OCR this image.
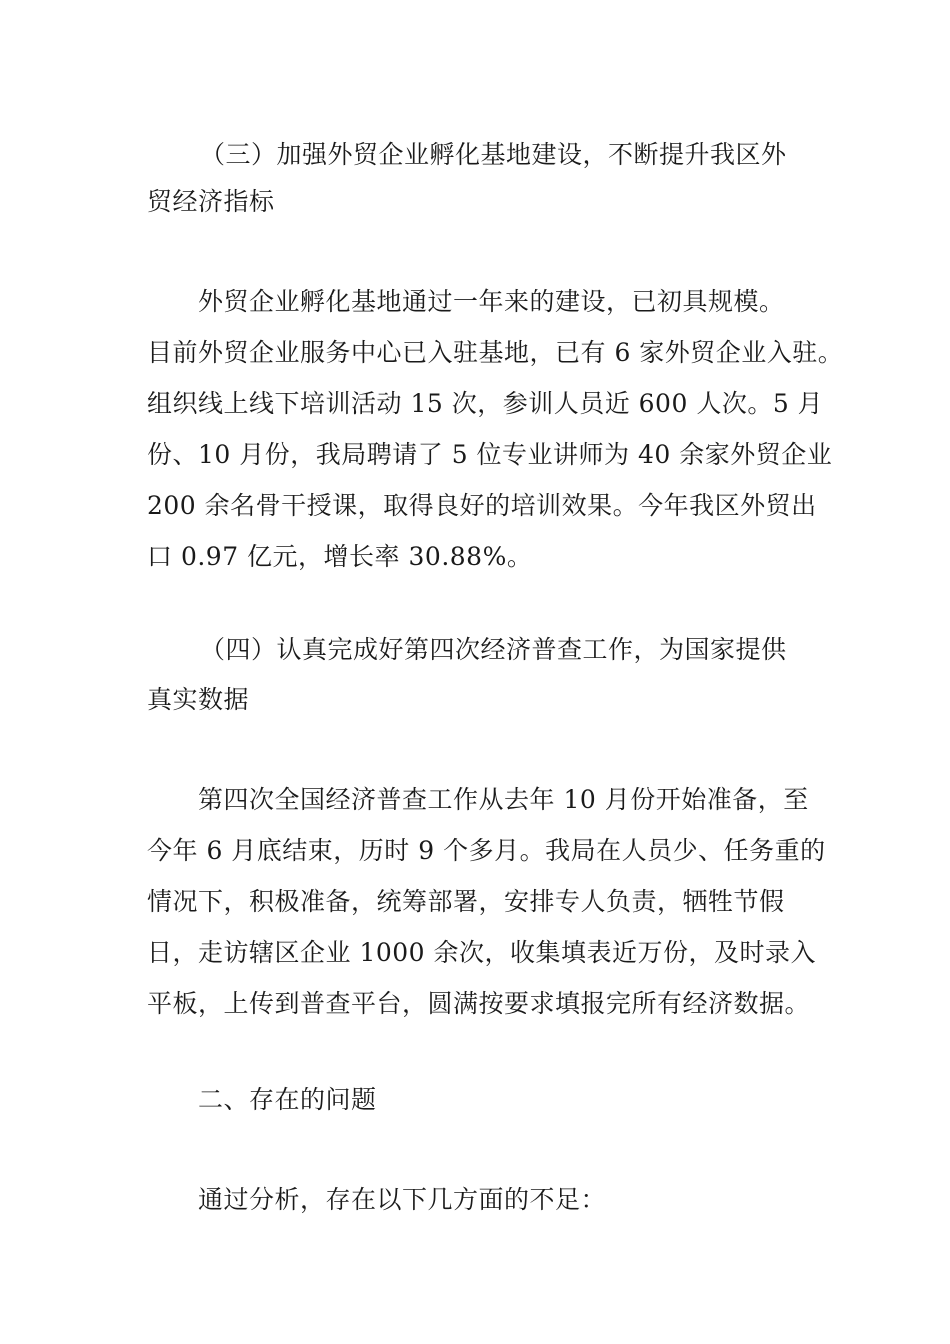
（三）加强外贸企业孵化基地建设，不断提升我区外
贸经济指标
外贸企业孵化基地通过一年来的建设，已初具规模。
目前外贸企业服务中心已入驻基地，已有 6 家外贸企业入驻。
组织线上线下培训活动 15 次，参训人员近 600 人次。5 月
份、10 月份，我局聘请了 5 位专业讲师为 40 余家外贸企业
200 余名骨干授课，取得良好的培训效果。今年我区外贸出
口 0.97 亿元，增长率 30.88%。
（四）认真完成好第四次经济普查工作，为国家提供
真实数据
第四次全国经济普查工作从去年 10 月份开始准备，至
今年 6 月底结束，历时 9 个多月。我局在人员少、任务重的
情况下，积极准备，统筹部署，安排专人负责，牺牲节假
日，走访辖区企业 1000 余次，收集填表近万份，及时录入
平板，上传到普查平台，圆满按要求填报完所有经济数据。
二、存在的问题
通过分析，存在以下几方面的不足：
